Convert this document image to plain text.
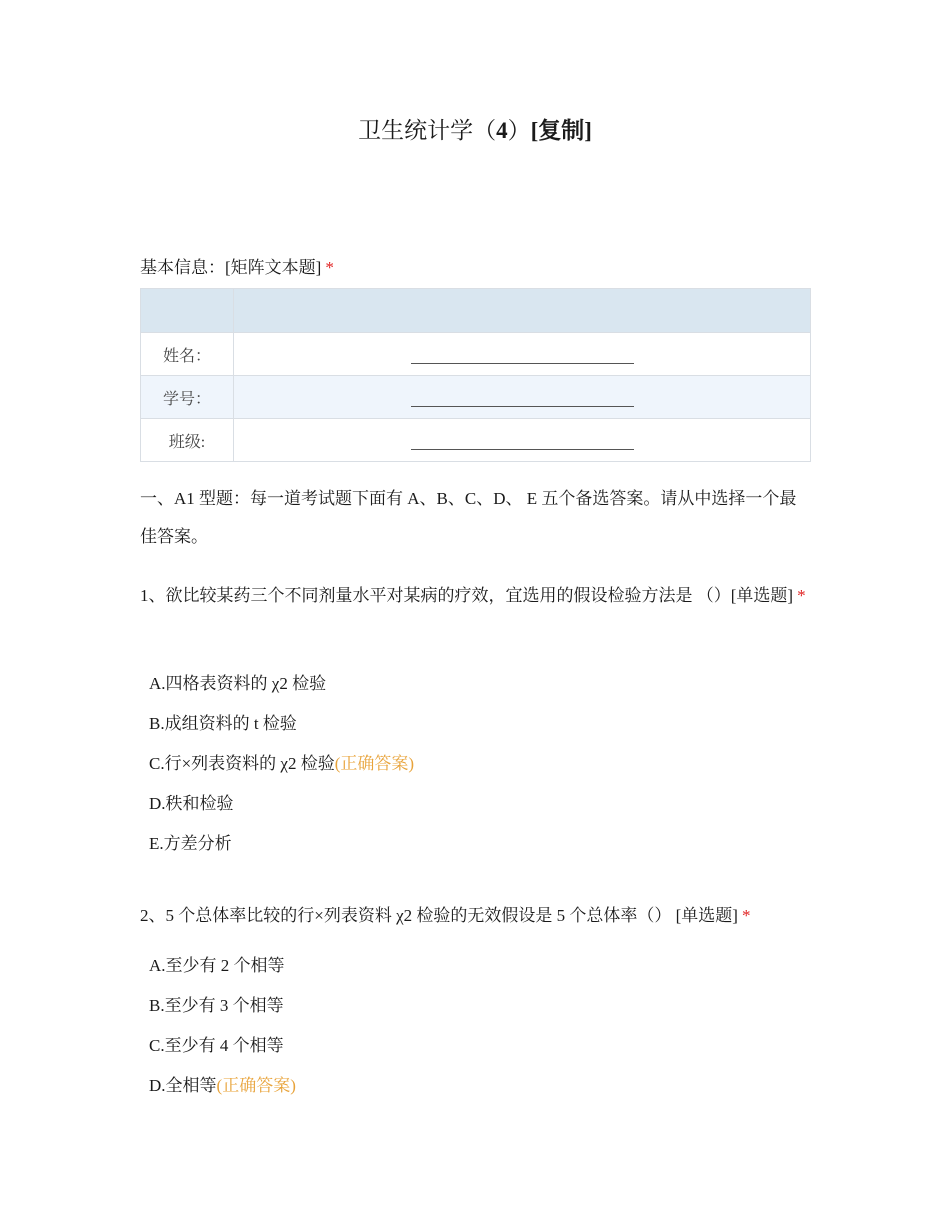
卫生统计学（4）[复制]
基本信息：[矩阵文本题] *

姓名：	
学号：	
班级:	
一、A1 型题：每一道考试题下面有 A、B、C、D、 E 五个备选答案。请从中选择一个最佳答案。
1、欲比较某药三个不同剂量水平对某病的疗效，宜选用的假设检验方法是 （）[单选题] *
A.四格表资料的 χ2 检验
B.成组资料的 t 检验
C.行×列表资料的 χ2 检验(正确答案)
D.秩和检验
E.方差分析
2、5 个总体率比较的行×列表资料 χ2 检验的无效假设是 5 个总体率（） [单选题] *
A.至少有 2 个相等
B.至少有 3 个相等
C.至少有 4 个相等
D.全相等(正确答案)
